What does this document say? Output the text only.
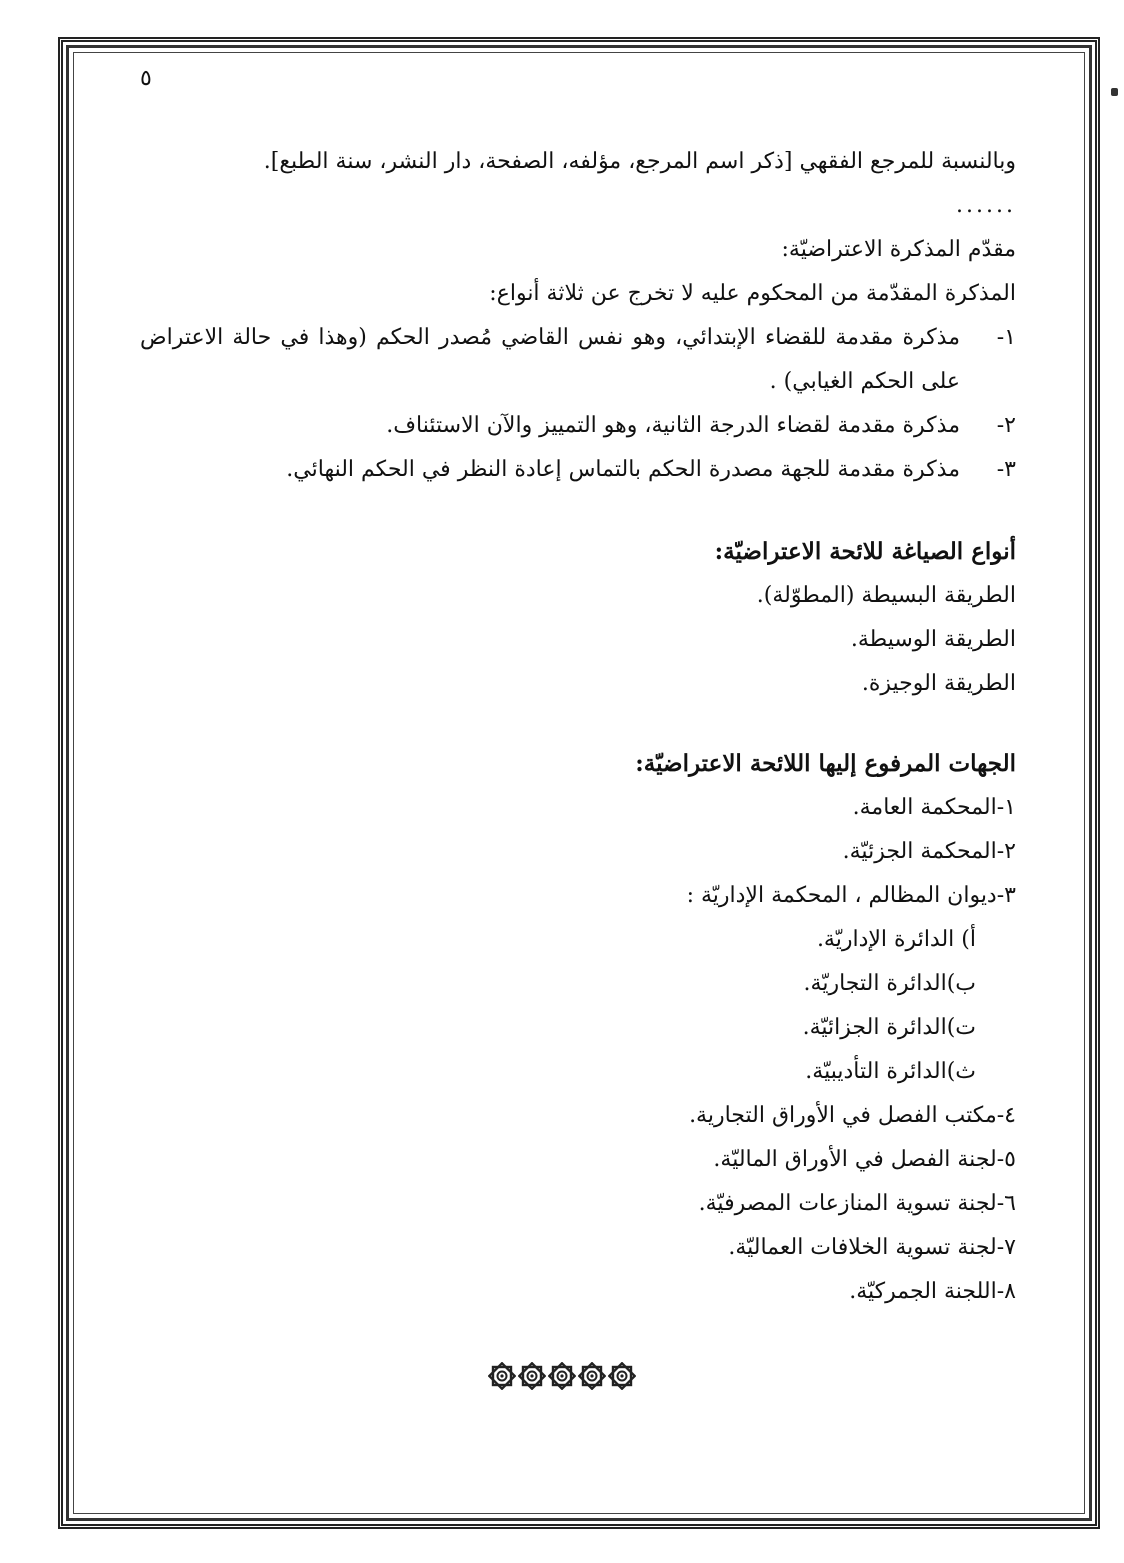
٥

وبالنسبة للمرجع الفقهي [ذكر اسم المرجع، مؤلفه، الصفحة، دار النشر، سنة الطبع].

......

مقدّم المذكرة الاعتراضيّة:

المذكرة المقدّمة من المحكوم عليه لا تخرج عن ثلاثة أنواع:

١-
مذكرة مقدمة للقضاء الإبتدائي، وهو نفس القاضي مُصدر الحكم (وهذا في حالة الاعتراض على الحكم الغيابي) .
٢-
مذكرة مقدمة لقضاء الدرجة الثانية، وهو التمييز والآن الاستئناف.
٣-
مذكرة مقدمة للجهة مصدرة الحكم بالتماس إعادة النظر في الحكم النهائي.
أنواع الصياغة للائحة الاعتراضيّة:

الطريقة البسيطة (المطوّلة).

الطريقة الوسيطة.

الطريقة الوجيزة.

الجهات المرفوع إليها اللائحة الاعتراضيّة:

١-المحكمة العامة.

٢-المحكمة الجزئيّة.

٣-ديوان المظالم ، المحكمة الإداريّة :

أ) الدائرة الإداريّة.

ب)الدائرة التجاريّة.

ت)الدائرة الجزائيّة.

ث)الدائرة التأديبيّة.

٤-مكتب الفصل في الأوراق التجارية.

٥-لجنة الفصل في الأوراق الماليّة.

٦-لجنة تسوية المنازعات المصرفيّة.

٧-لجنة تسوية الخلافات العماليّة.

٨-اللجنة الجمركيّة.
